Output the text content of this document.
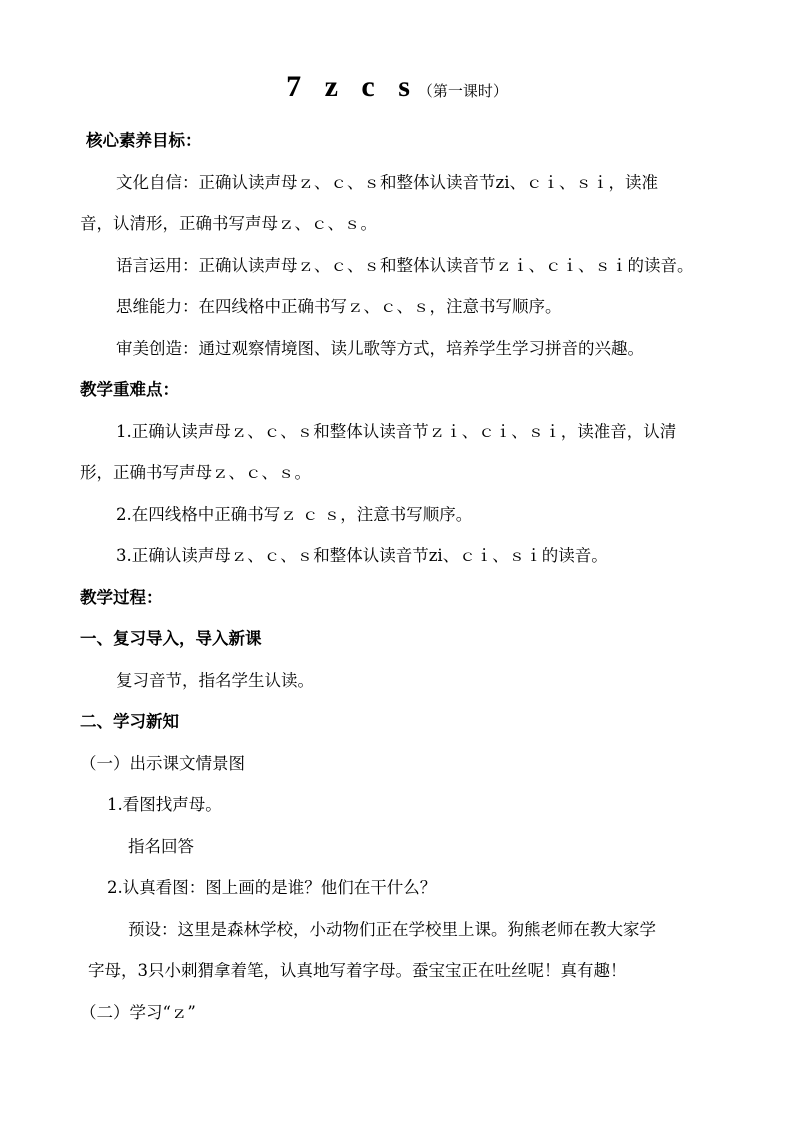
7 z c s（第一课时）
核心素养目标：
文化自信：正确认读声母ｚ、ｃ、ｓ和整体认读音节zi、ｃｉ、ｓｉ，读准
音，认清形，正确书写声母ｚ、ｃ、ｓ。
语言运用：正确认读声母ｚ、ｃ、ｓ和整体认读音节ｚｉ、ｃｉ、ｓｉ的读音。
思维能力：在四线格中正确书写ｚ、ｃ、ｓ，注意书写顺序。
审美创造：通过观察情境图、读儿歌等方式，培养学生学习拼音的兴趣。
教学重难点：
1.正确认读声母ｚ、ｃ、ｓ和整体认读音节ｚｉ、ｃｉ、ｓｉ，读准音，认清
形，正确书写声母ｚ、ｃ、ｓ。
2.在四线格中正确书写ｚ ｃ ｓ，注意书写顺序。
3.正确认读声母ｚ、ｃ、ｓ和整体认读音节zi、ｃｉ、ｓｉ的读音。
教学过程：
一、复习导入，导入新课
复习音节，指名学生认读。
二、学习新知
（一）出示课文情景图
1.看图找声母。
指名回答
2.认真看图：图上画的是谁？他们在干什么？
预设：这里是森林学校，小动物们正在学校里上课。狗熊老师在教大家学
字母，3只小刺猬拿着笔，认真地写着字母。蚕宝宝正在吐丝呢！真有趣！
（二）学习“ｚ”
